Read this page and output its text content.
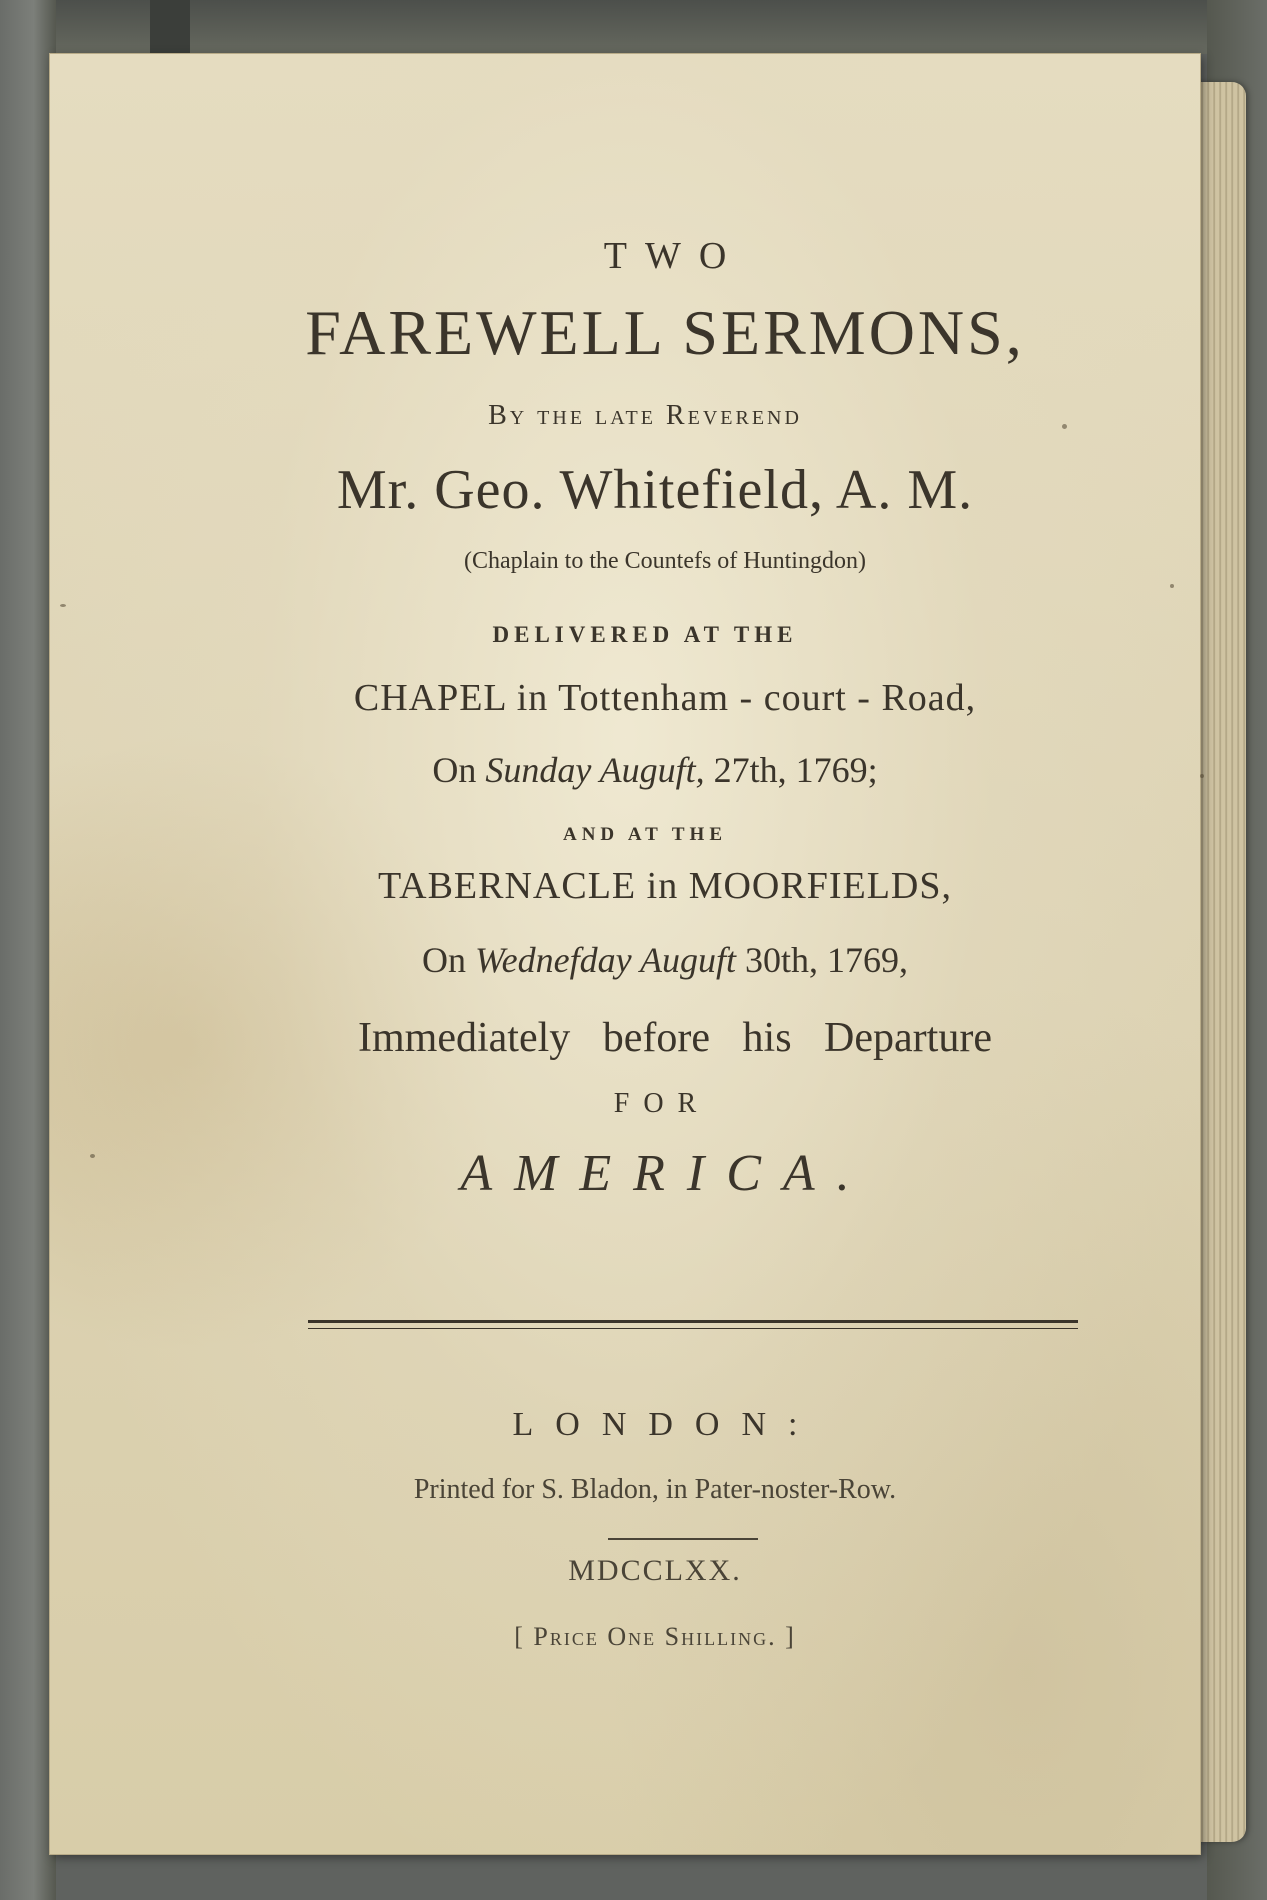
TWO
FAREWELL SERMONS,
By the late Reverend
Mr. Geo. Whitefield, A. M.
(Chaplain to the Countefs of Huntingdon)
DELIVERED AT THE
CHAPEL in Tottenham - court - Road,
On Sunday Auguft, 27th, 1769;
AND AT THE
TABERNACLE in MOORFIELDS,
On Wednefday Auguft 30th, 1769,
Immediately before his Departure
FOR
AMERICA.
LONDON:
Printed for S. Bladon, in Pater-noster-Row.
MDCCLXX.
[ Price One Shilling. ]
